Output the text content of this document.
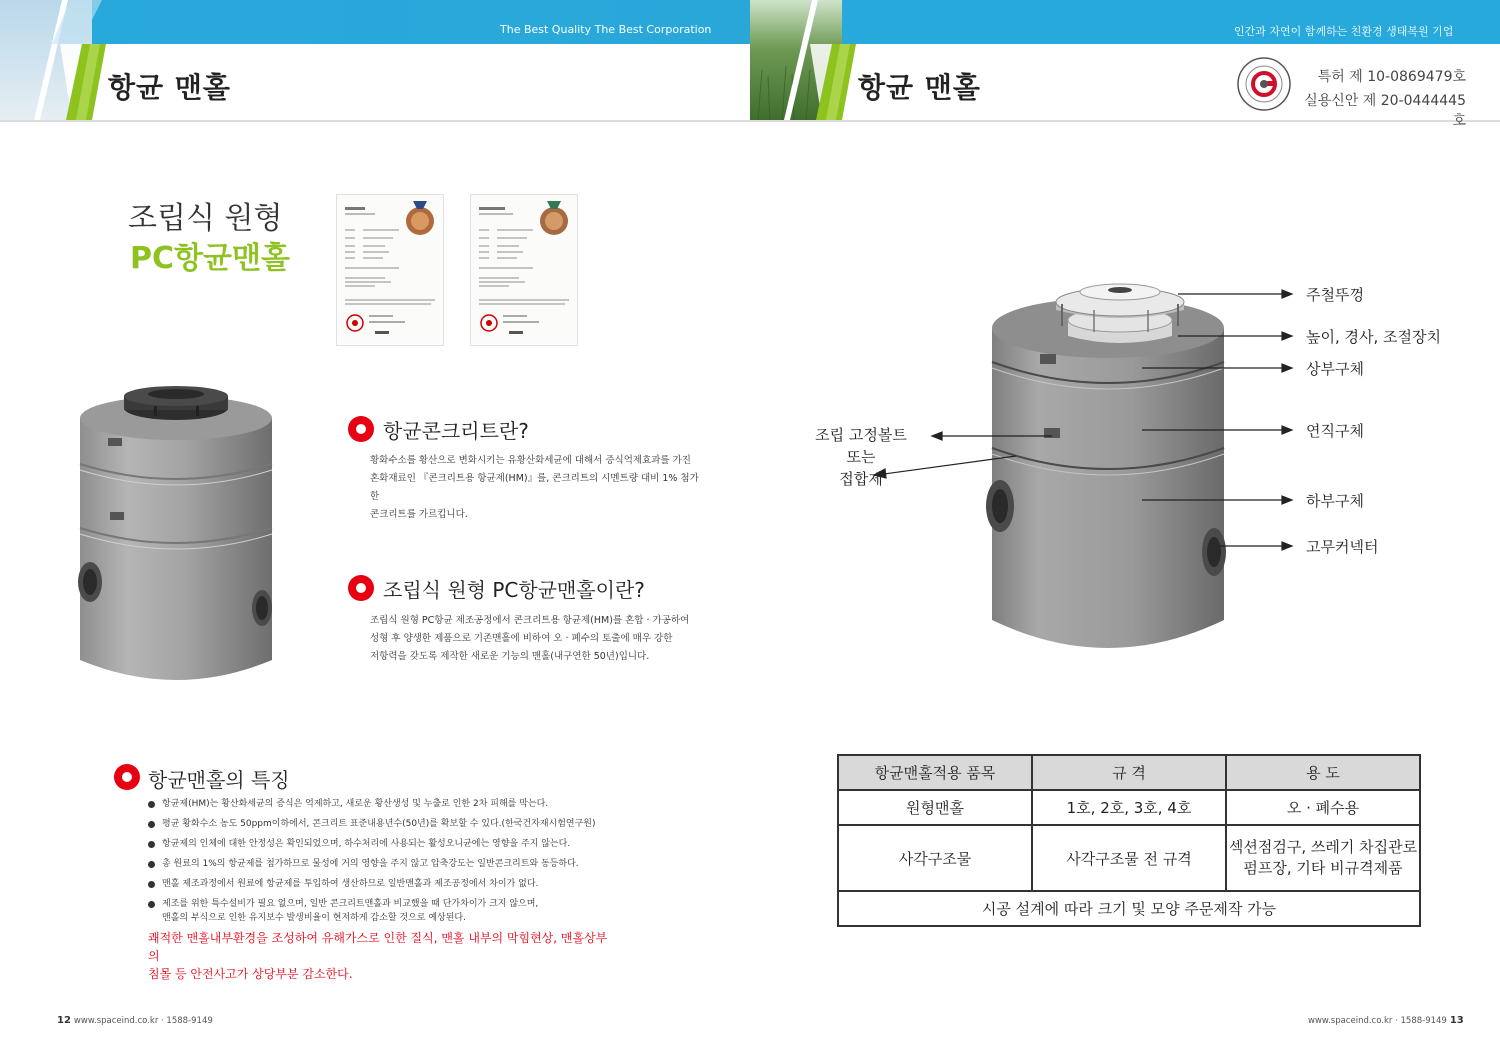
The Best Quality The Best Corporation
항균 맨홀
조립식 원형
PC항균맨홀
항균콘크리트란?
황화수소를 황산으로 변화시키는 유황산화세균에 대해서 증식억제효과를 가진
혼화재료인 『콘크리트용 항균제(HM)』를, 콘크리트의 시멘트량 대비 1% 첨가한
콘크리트를 가르킵니다.
조립식 원형 PC항균맨홀이란?
조립식 원형 PC항균 제조공정에서 콘크리트용 항균제(HM)를 혼합 · 가공하여
성형 후 양생한 제품으로 기존맨홀에 비하여 오 · 폐수의 토출에 매우 강한
저항력을 갖도록 제작한 새로운 기능의 맨홀(내구연한 50년)입니다.
항균맨홀의 특징
항균제(HM)는 황산화세균의 증식은 억제하고, 새로운 황산생성 및 누출로 인한 2차 피해를 막는다.
평균 황화수소 농도 50ppm이하에서, 콘크리트 표준내용년수(50년)를 확보할 수 있다.(한국건자재시험연구원)
항균제의 인체에 대한 안정성은 확인되었으며, 하수처리에 사용되는 활성오니균에는 영향을 주지 않는다.
총 원료의 1%의 항균제를 첨가하므로 물성에 거의 영향을 주지 않고 압축강도는 일반콘크리트와 동등하다.
맨홀 제조과정에서 원료에 항균제를 투입하여 생산하므로 일반맨홀과 제조공정에서 차이가 없다.
제조를 위한 특수설비가 필요 없으며, 일반 콘크리트맨홀과 비교했을 때 단가차이가 크지 않으며,
맨홀의 부식으로 인한 유지보수 발생비율이 현저하게 감소할 것으로 예상된다.
쾌적한 맨홀내부환경을 조성하여 유해가스로 인한 질식, 맨홀 내부의 막힘현상, 맨홀상부의
침몰 등 안전사고가 상당부분 감소한다.
12 www.spaceind.co.kr · 1588-9149
인간과 자연이 함께하는 친환경 생태복원 기업
항균 맨홀	특허 제 10-0869479호
실용신안 제 20-0444445호
주철뚜껑
높이, 경사, 조절장치
상부구체
연직구체
하부구체
고무커넥터
조립 고정볼트
또는
접합제
항균맨홀적용 품목	규 격	용 도
원형맨홀	1호, 2호, 3호, 4호	오 · 폐수용
사각구조물	사각구조물 전 규격	섹션점검구, 쓰레기 차집관로
펌프장, 기타 비규격제품

시공 설계에 따라 크기 및 모양 주문제작 가능		
www.spaceind.co.kr · 1588-9149 13
